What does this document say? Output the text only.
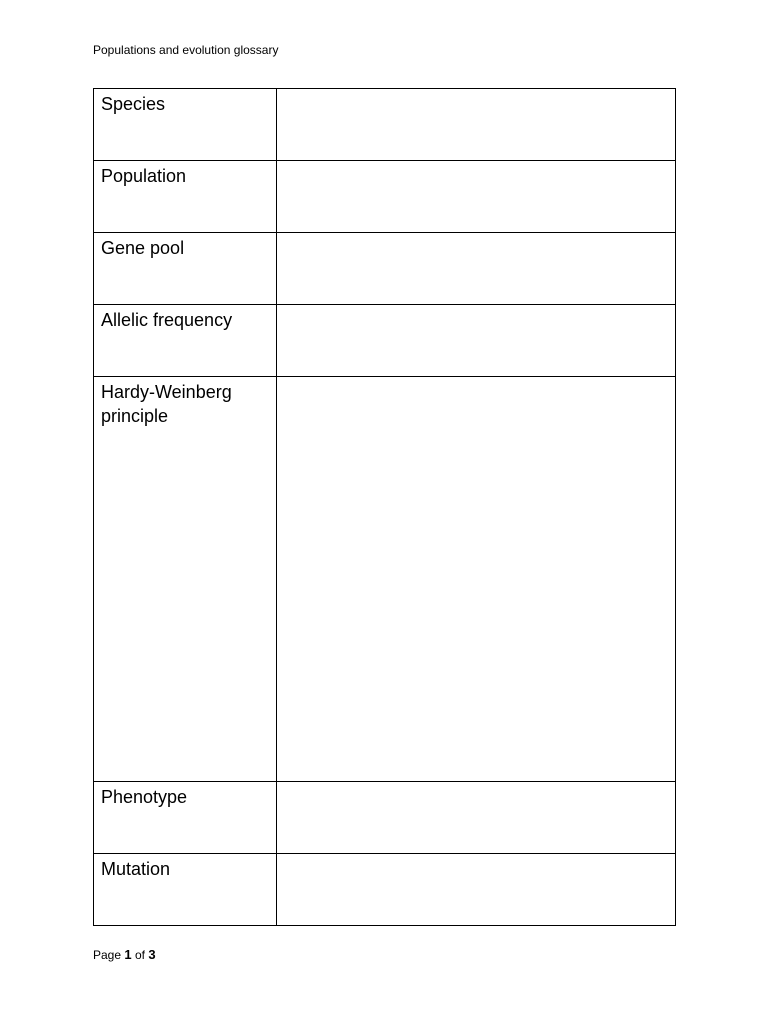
Populations and evolution glossary
Species	

Population	

Gene pool	

Allelic frequency	

Hardy-Weinberg principle	

Phenotype	

Mutation	

Page 1 of 3
